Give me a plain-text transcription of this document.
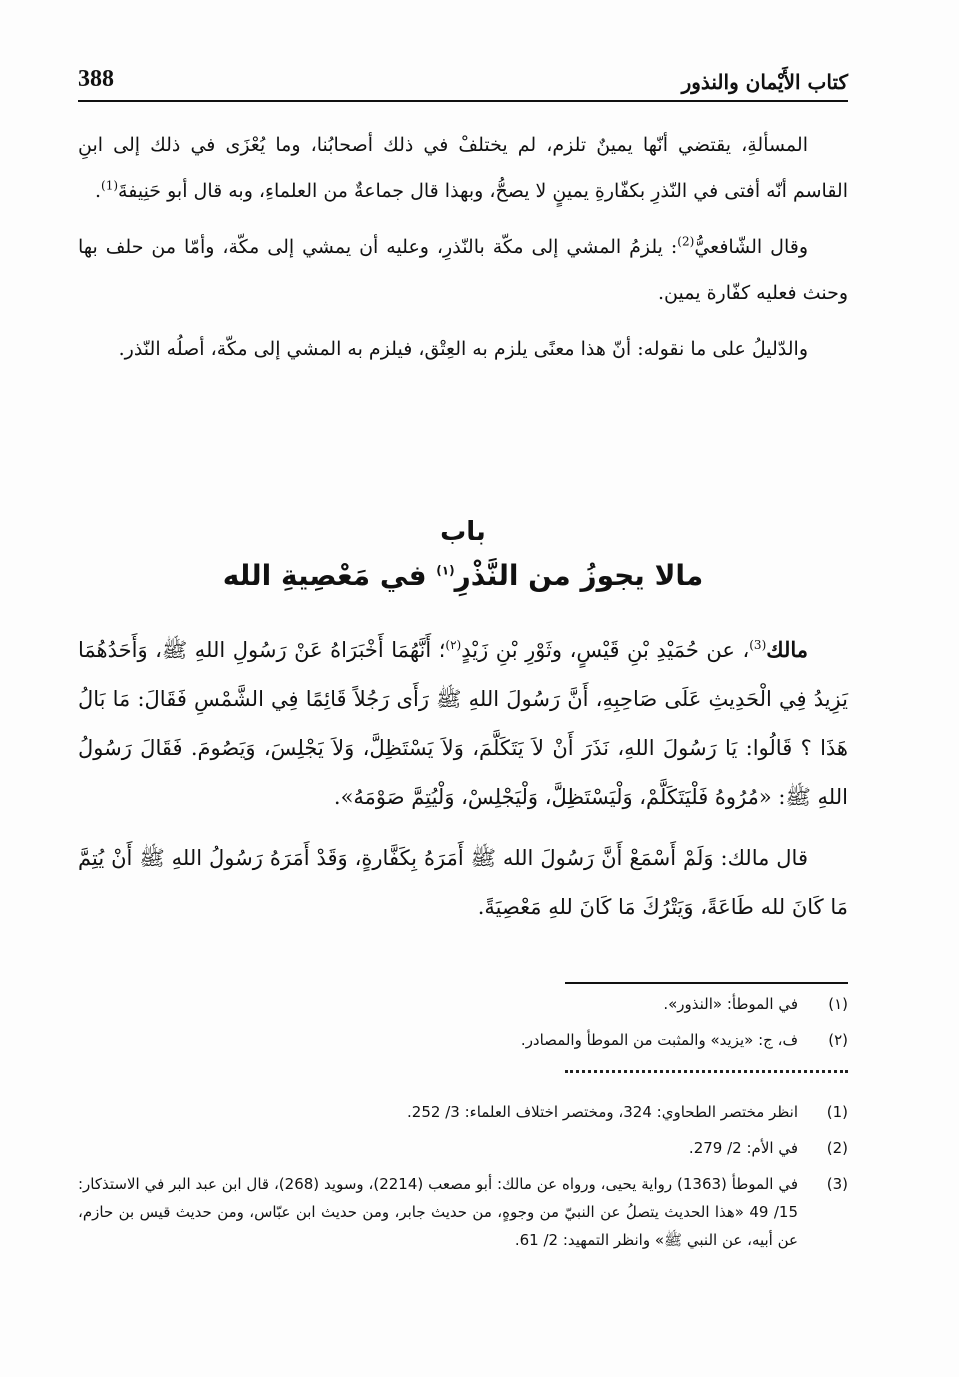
كتاب الأَيْمان والنذور
388

المسألةِ، يقتضي أنّها يمينٌ تلزم، لم يختلفْ في ذلك أصحابُنا، وما يُعْزَى في ذلك إلى ابنِ القاسم أنّه أفتى في النّذرِ بكفّارةِ يمينٍ لا يصحُّ، وبهذا قال جماعةٌ من العلماءِ، وبه قال أبو حَنِيفةَ$^{(1)}$.

وقال الشّافعيُّ$^{(2)}$: يلزمُ المشي إلى مكّة بالنّذرِ، وعليه أن يمشي إلى مكّة، وأمّا من حلف بها وحنث فعليه كفّارة يمين.

والدّليلُ على ما نقوله: أنّ هذا معنًى يلزم به العِتْق، فيلزم به المشي إلى مكّة، أصلُه النّذر.

باب
مالا يجوزُ من النَّذْرِ$^{(١)}$ في مَعْصِيةِ الله

مالك$^{(3)}$، عن حُمَيْدِ بْنِ قَيْسٍ، وثَوْرِ بْنِ زَيْدٍ$^{(٢)}$؛ أَنَّهُمَا أَخْبَرَاهُ عَنْ رَسُولِ اللهِ ﷺ، وَأَحَدُهُمَا يَزِيدُ فِي الْحَدِيثِ عَلَى صَاحِبِهِ، أَنَّ رَسُولَ اللهِ ﷺ رَأَى رَجُلاً قَائِمًا فِي الشَّمْسِ فَقَالَ: مَا بَالُ هَذَا ؟ قَالُوا: يَا رَسُولَ اللهِ، نَذَرَ أَنْ لاَ يَتَكَلَّمَ، وَلاَ يَسْتَظِلَّ، وَلاَ يَجْلِسَ، وَيَصُومَ. فَقَالَ رَسُولُ اللهِ ﷺ: «مُرُوهُ فَلْيَتَكَلَّمْ، وَلْيَسْتَظِلَّ، وَلْيَجْلِسْ، وَلْيُتِمَّ صَوْمَهُ».

قال مالك: وَلَمْ أَسْمَعْ أَنَّ رَسُولَ الله ﷺ أَمَرَهُ بِكَفَّارةٍ، وَقَدْ أَمَرَهُ رَسُولُ اللهِ ﷺ أَنْ يُتِمَّ مَا كَانَ لله طَاعَةً، وَيَتْرُكَ مَا كَانَ للهِ مَعْصِيَةً.

(١)
في الموطأ: «النذور».
(٢)
ف، ج: «يزيد» والمثبت من الموطأ والمصادر.
(1)
انظر مختصر الطحاوي: 324، ومختصر اختلاف العلماء: 3/ 252.
(2)
في الأم: 2/ 279.
(3)
في الموطأ (1363) رواية يحيى، ورواه عن مالك: أبو مصعب (2214)، وسويد (268)، قال ابن عبد البر في الاستذكار: 15/ 49 «هذا الحديث يتصلُ عن النبيّ من وجوهٍ، من حديث جابر، ومن حديث ابن عبّاس، ومن حديث قيس بن حازم، عن أبيه، عن النبي ﷺ» وانظر التمهيد: 2/ 61.
